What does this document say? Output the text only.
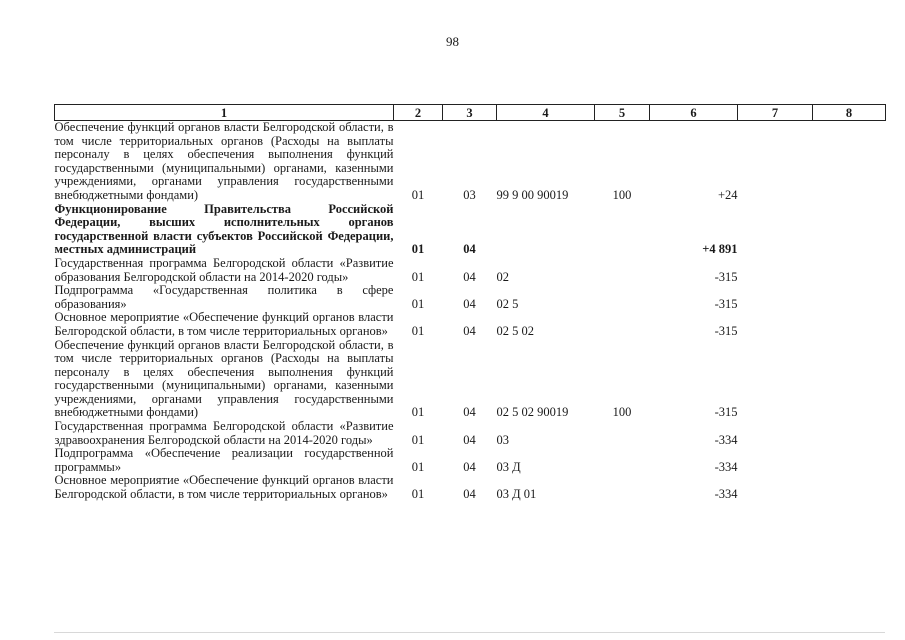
98
1	2	3	4	5	6	7	8
Обеспечение функций органов власти Белгородской области, в том числе территориальных органов (Расходы на выплаты персоналу в целях обеспечения выполнения функций государственными (муниципальными) органами, казенными учреждениями, органами управления государственными внебюджетными фондами)	01	03	99 9 00 90019	100	+24		
Функционирование Правительства Российской Федерации, высших исполнительных органов государственной власти субъектов Российской Федерации, местных администраций	01	04			+4 891		
Государственная программа Белгородской области «Развитие образования Белгородской области на 2014-2020 годы»	01	04	02		-315		
Подпрограмма «Государственная политика в сфере образования»	01	04	02 5		-315		
Основное мероприятие «Обеспечение функций органов власти Белгородской области, в том числе территориальных органов»	01	04	02 5 02		-315		
Обеспечение функций органов власти Белгородской области, в том числе территориальных органов (Расходы на выплаты персоналу в целях обеспечения выполнения функций государственными (муниципальными) органами, казенными учреждениями, органами управления государственными внебюджетными фондами)	01	04	02 5 02 90019	100	-315		
Государственная программа Белгородской области «Развитие здравоохранения Белгородской области на 2014-2020 годы»	01	04	03		-334		
Подпрограмма «Обеспечение реализации государственной программы»	01	04	03 Д		-334		
Основное мероприятие «Обеспечение функций органов власти Белгородской области, в том числе территориальных органов»	01	04	03 Д 01		-334		
